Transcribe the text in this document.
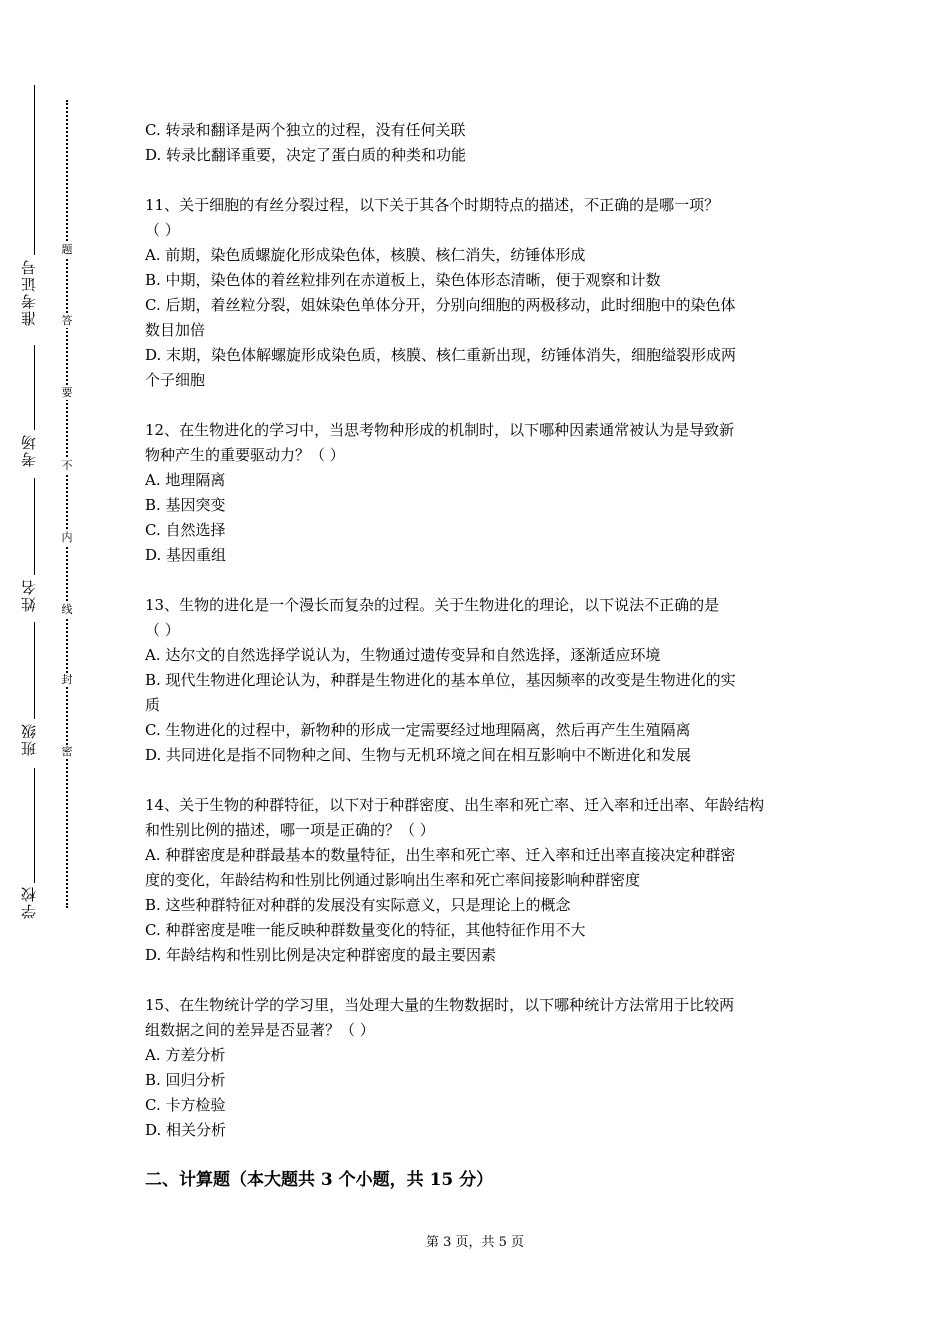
准考证号
考场
姓名
班级
学校
题
答
要
不
内
线
封
密
C. 转录和翻译是两个独立的过程，没有任何关联
D. 转录比翻译重要，决定了蛋白质的种类和功能
11、关于细胞的有丝分裂过程，以下关于其各个时期特点的描述，不正确的是哪一项？
（ ）
A. 前期，染色质螺旋化形成染色体，核膜、核仁消失，纺锤体形成
B. 中期，染色体的着丝粒排列在赤道板上，染色体形态清晰，便于观察和计数
C. 后期，着丝粒分裂，姐妹染色单体分开，分别向细胞的两极移动，此时细胞中的染色体
数目加倍
D. 末期，染色体解螺旋形成染色质，核膜、核仁重新出现，纺锤体消失，细胞缢裂形成两
个子细胞
12、在生物进化的学习中，当思考物种形成的机制时，以下哪种因素通常被认为是导致新
物种产生的重要驱动力？（ ）
A. 地理隔离
B. 基因突变
C. 自然选择
D. 基因重组
13、生物的进化是一个漫长而复杂的过程。关于生物进化的理论，以下说法不正确的是
（ ）
A. 达尔文的自然选择学说认为，生物通过遗传变异和自然选择，逐渐适应环境
B. 现代生物进化理论认为，种群是生物进化的基本单位，基因频率的改变是生物进化的实
质
C. 生物进化的过程中，新物种的形成一定需要经过地理隔离，然后再产生生殖隔离
D. 共同进化是指不同物种之间、生物与无机环境之间在相互影响中不断进化和发展
14、关于生物的种群特征，以下对于种群密度、出生率和死亡率、迁入率和迁出率、年龄结构
和性别比例的描述，哪一项是正确的？（ ）
A. 种群密度是种群最基本的数量特征，出生率和死亡率、迁入率和迁出率直接决定种群密
度的变化，年龄结构和性别比例通过影响出生率和死亡率间接影响种群密度
B. 这些种群特征对种群的发展没有实际意义，只是理论上的概念
C. 种群密度是唯一能反映种群数量变化的特征，其他特征作用不大
D. 年龄结构和性别比例是决定种群密度的最主要因素
15、在生物统计学的学习里，当处理大量的生物数据时，以下哪种统计方法常用于比较两
组数据之间的差异是否显著？（ ）
A. 方差分析
B. 回归分析
C. 卡方检验
D. 相关分析
二、计算题（本大题共 3 个小题，共 15 分）
第 3 页，共 5 页
